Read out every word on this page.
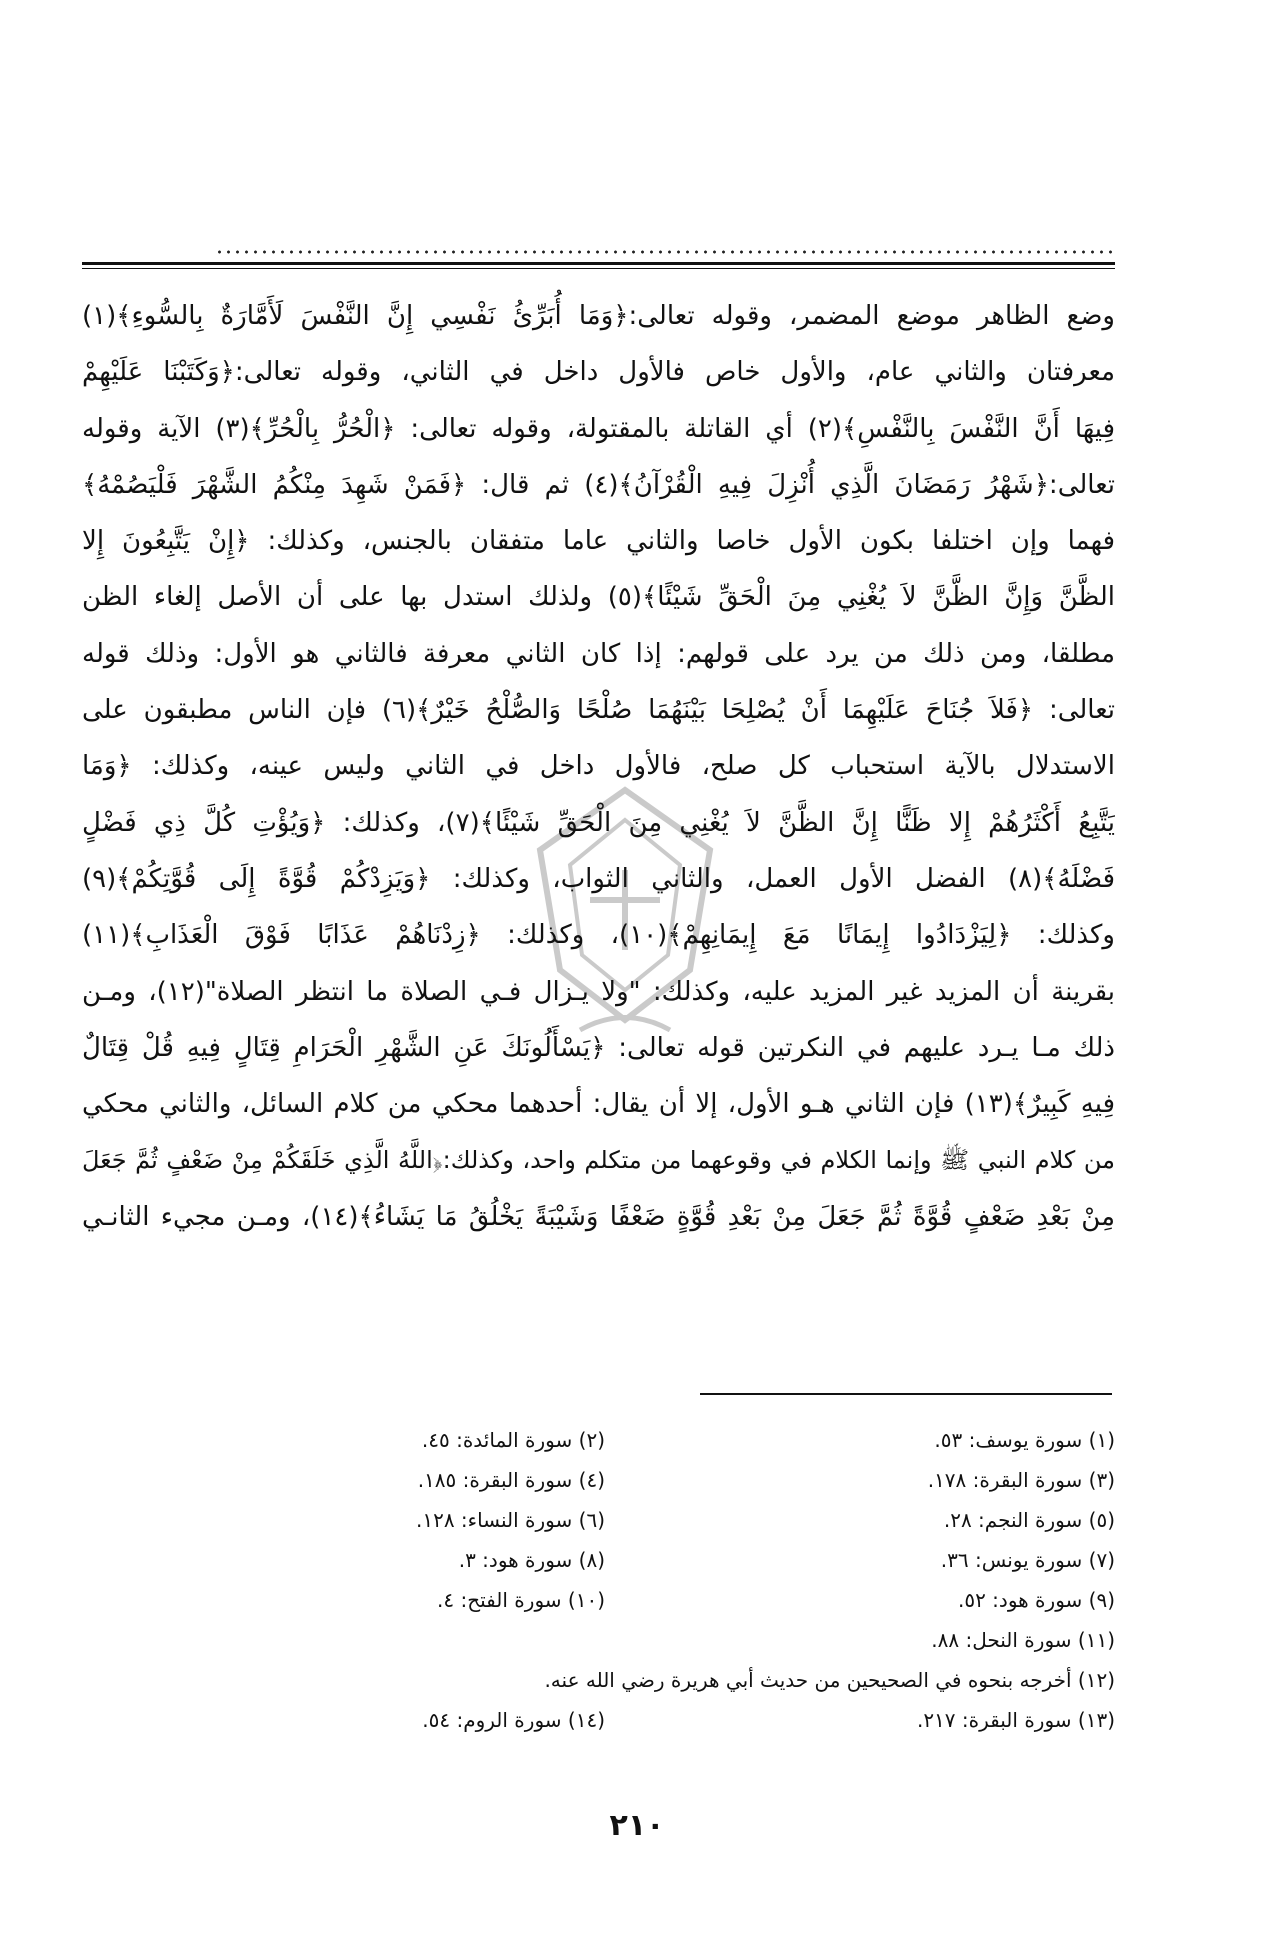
وضع الظاهر موضع المضمر، وقوله تعالى:﴿وَمَا أُبَرِّئُ نَفْسِي إِنَّ النَّفْسَ لَأَمَّارَةٌ بِالسُّوءِ﴾(١)
معرفتان والثاني عام، والأول خاص فالأول داخل في الثاني، وقوله تعالى:﴿وَكَتَبْنَا عَلَيْهِمْ
فِيهَا أَنَّ النَّفْسَ بِالنَّفْسِ﴾(٢) أي القاتلة بالمقتولة، وقوله تعالى: ﴿الْحُرُّ بِالْحُرِّ﴾(٣) الآية وقوله
تعالى:﴿شَهْرُ رَمَضَانَ الَّذِي أُنْزِلَ فِيهِ الْقُرْآنُ﴾(٤) ثم قال: ﴿فَمَنْ شَهِدَ مِنْكُمُ الشَّهْرَ فَلْيَصُمْهُ﴾
فهما وإن اختلفا بكون الأول خاصا والثاني عاما متفقان بالجنس، وكذلك: ﴿إِنْ يَتَّبِعُونَ إِلا
الظَّنَّ وَإِنَّ الظَّنَّ لاَ يُغْنِي مِنَ الْحَقِّ شَيْئًا﴾(٥) ولذلك استدل بها على أن الأصل إلغاء الظن
مطلقا، ومن ذلك من يرد على قولهم: إذا كان الثاني معرفة فالثاني هو الأول: وذلك قوله
تعالى: ﴿فَلاَ جُنَاحَ عَلَيْهِمَا أَنْ يُصْلِحَا بَيْنَهُمَا صُلْحًا وَالصُّلْحُ خَيْرٌ﴾(٦) فإن الناس مطبقون على
الاستدلال بالآية استحباب كل صلح، فالأول داخل في الثاني وليس عينه، وكذلك: ﴿وَمَا
يَتَّبِعُ أَكْثَرُهُمْ إِلا ظَنًّا إِنَّ الظَّنَّ لاَ يُغْنِي مِنَ الْحَقِّ شَيْئًا﴾(٧)، وكذلك: ﴿وَيُؤْتِ كُلَّ ذِي فَضْلٍ
فَضْلَهُ﴾(٨) الفضل الأول العمل، والثاني الثواب، وكذلك: ﴿وَيَزِدْكُمْ قُوَّةً إِلَى قُوَّتِكُمْ﴾(٩)
وكذلك: ﴿لِيَزْدَادُوا إِيمَانًا مَعَ إِيمَانِهِمْ﴾(١٠)، وكذلك: ﴿زِدْنَاهُمْ عَذَابًا فَوْقَ الْعَذَابِ﴾(١١)
بقرينة أن المزيد غير المزيد عليه، وكذلك: "ولا يـزال فـي الصلاة ما انتظر الصلاة"(١٢)، ومـن
ذلك مـا يـرد عليهم في النكرتين قوله تعالى: ﴿يَسْأَلُونَكَ عَنِ الشَّهْرِ الْحَرَامِ قِتَالٍ فِيهِ قُلْ قِتَالٌ
فِيهِ كَبِيرٌ﴾(١٣) فإن الثاني هـو الأول، إلا أن يقال: أحدهما محكي من كلام السائل، والثاني محكي
من كلام النبي ﷺ وإنما الكلام في وقوعهما من متكلم واحد، وكذلك:﴿اللَّهُ الَّذِي خَلَقَكُمْ مِنْ ضَعْفٍ ثُمَّ جَعَلَ
مِنْ بَعْدِ ضَعْفٍ قُوَّةً ثُمَّ جَعَلَ مِنْ بَعْدِ قُوَّةٍ ضَعْفًا وَشَيْبَةً يَخْلُقُ مَا يَشَاءُ﴾(١٤)، ومـن مجيء الثانـي
(١) سورة يوسف: ٥٣.
(٢) سورة المائدة: ٤٥.
(٣) سورة البقرة: ١٧٨.
(٤) سورة البقرة: ١٨٥.
(٥) سورة النجم: ٢٨.
(٦) سورة النساء: ١٢٨.
(٧) سورة يونس: ٣٦.
(٨) سورة هود: ٣.
(٩) سورة هود: ٥٢.
(١٠) سورة الفتح: ٤.
(١١) سورة النحل: ٨٨.
(١٢) أخرجه بنحوه في الصحيحين من حديث أبي هريرة رضي الله عنه.
(١٣) سورة البقرة: ٢١٧.
(١٤) سورة الروم: ٥٤.
٢١٠
